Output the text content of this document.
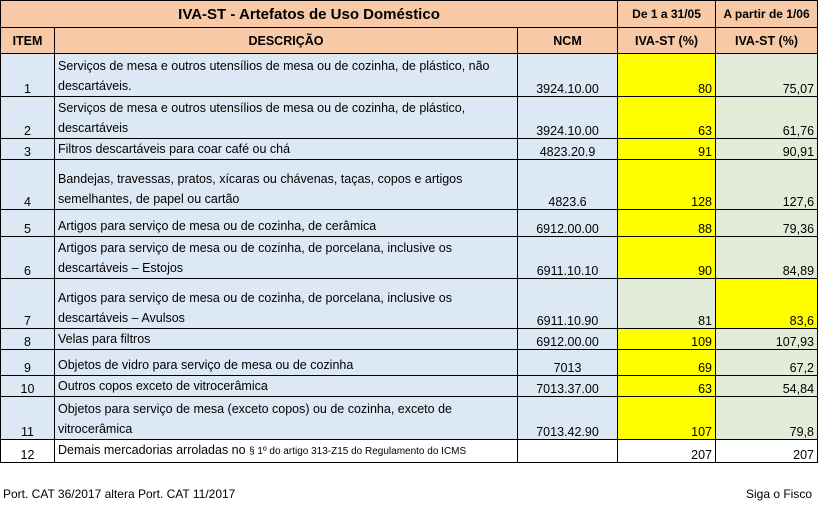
IVA-ST - Artefatos de Uso Doméstico			De 1 a 31/05	A partir de 1/06
ITEM	DESCRIÇÃO	NCM	IVA-ST (%)	IVA-ST (%)
1	Serviços de mesa e outros utensílios de mesa ou de cozinha, de plástico, não descartáveis.	3924.10.00	80	75,07
2	Serviços de mesa e outros utensílios de mesa ou de cozinha, de plástico, descartáveis	3924.10.00	63	61,76
3	Filtros descartáveis para coar café ou chá	4823.20.9	91	90,91
4	Bandejas, travessas, pratos, xícaras ou chávenas, taças, copos e artigos semelhantes, de papel ou cartão	4823.6	128	127,6
5	Artigos para serviço de mesa ou de cozinha, de cerâmica	6912.00.00	88	79,36
6	Artigos para serviço de mesa ou de cozinha, de porcelana, inclusive os descartáveis – Estojos	6911.10.10	90	84,89
7	Artigos para serviço de mesa ou de cozinha, de porcelana, inclusive os descartáveis – Avulsos	6911.10.90	81	83,6
8	Velas para filtros	6912.00.00	109	107,93
9	Objetos de vidro para serviço de mesa ou de cozinha	7013	69	67,2
10	Outros copos exceto de vitrocerâmica	7013.37.00	63	54,84
11	Objetos para serviço de mesa (exceto copos) ou de cozinha, exceto de vitrocerâmica	7013.42.90	107	79,8
12	Demais mercadorias arroladas no § 1º do artigo 313-Z15 do Regulamento do ICMS		207	207
Port. CAT 36/2017 altera Port. CAT 11/2017	Siga o Fisco
